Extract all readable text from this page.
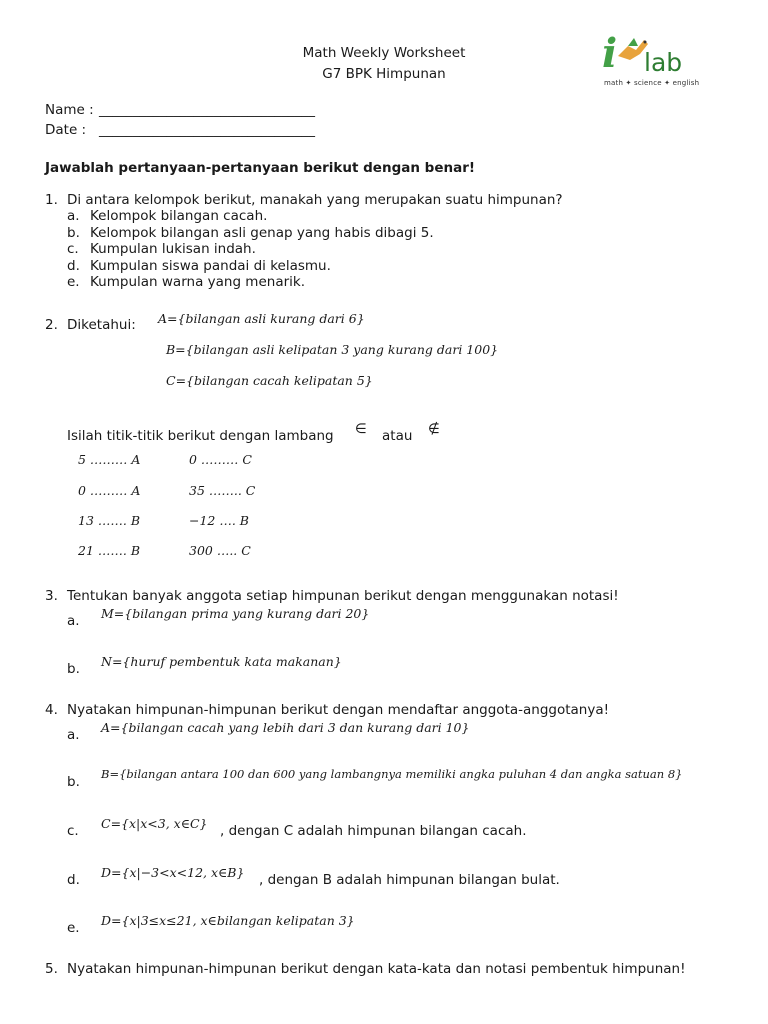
Math Weekly Worksheet
G7 BPK Himpunan	i lab
math ✦ science ✦ english
Name : ________________________________
Date : ________________________________
Jawablah pertanyaan-pertanyaan berikut dengan benar!
1. Di antara kelompok berikut, manakah yang merupakan suatu himpunan?
a. Kelompok bilangan cacah.
b. Kelompok bilangan asli genap yang habis dibagi 5.
c. Kumpulan lukisan indah.
d. Kumpulan siswa pandai di kelasmu.
e. Kumpulan warna yang menarik.
2. Diketahui: A={bilangan asli kurang dari 6}
B={bilangan asli kelipatan 3 yang kurang dari 100}
C={bilangan cacah kelipatan 5}
Isilah titik-titik berikut dengan lambang ∈ atau ∉
5 ……… A	0 ……… C
0 ……… A	35 …….. C
13 ……. B	−12 …. B
21 ……. B	300 ….. C
3. Tentukan banyak anggota setiap himpunan berikut dengan menggunakan notasi!
a. M={bilangan prima yang kurang dari 20}
b. N={huruf pembentuk kata makanan}
4. Nyatakan himpunan-himpunan berikut dengan mendaftar anggota-anggotanya!
a. A={bilangan cacah yang lebih dari 3 dan kurang dari 10}
b. B={bilangan antara 100 dan 600 yang lambangnya memiliki angka puluhan 4 dan angka satuan 8}
c. C={x|x<3, x∈C} , dengan C adalah himpunan bilangan cacah.
d. D={x|−3<x<12, x∈B} , dengan B adalah himpunan bilangan bulat.
e. D={x|3≤x≤21, x∈bilangan kelipatan 3}
5. Nyatakan himpunan-himpunan berikut dengan kata-kata dan notasi pembentuk himpunan!
